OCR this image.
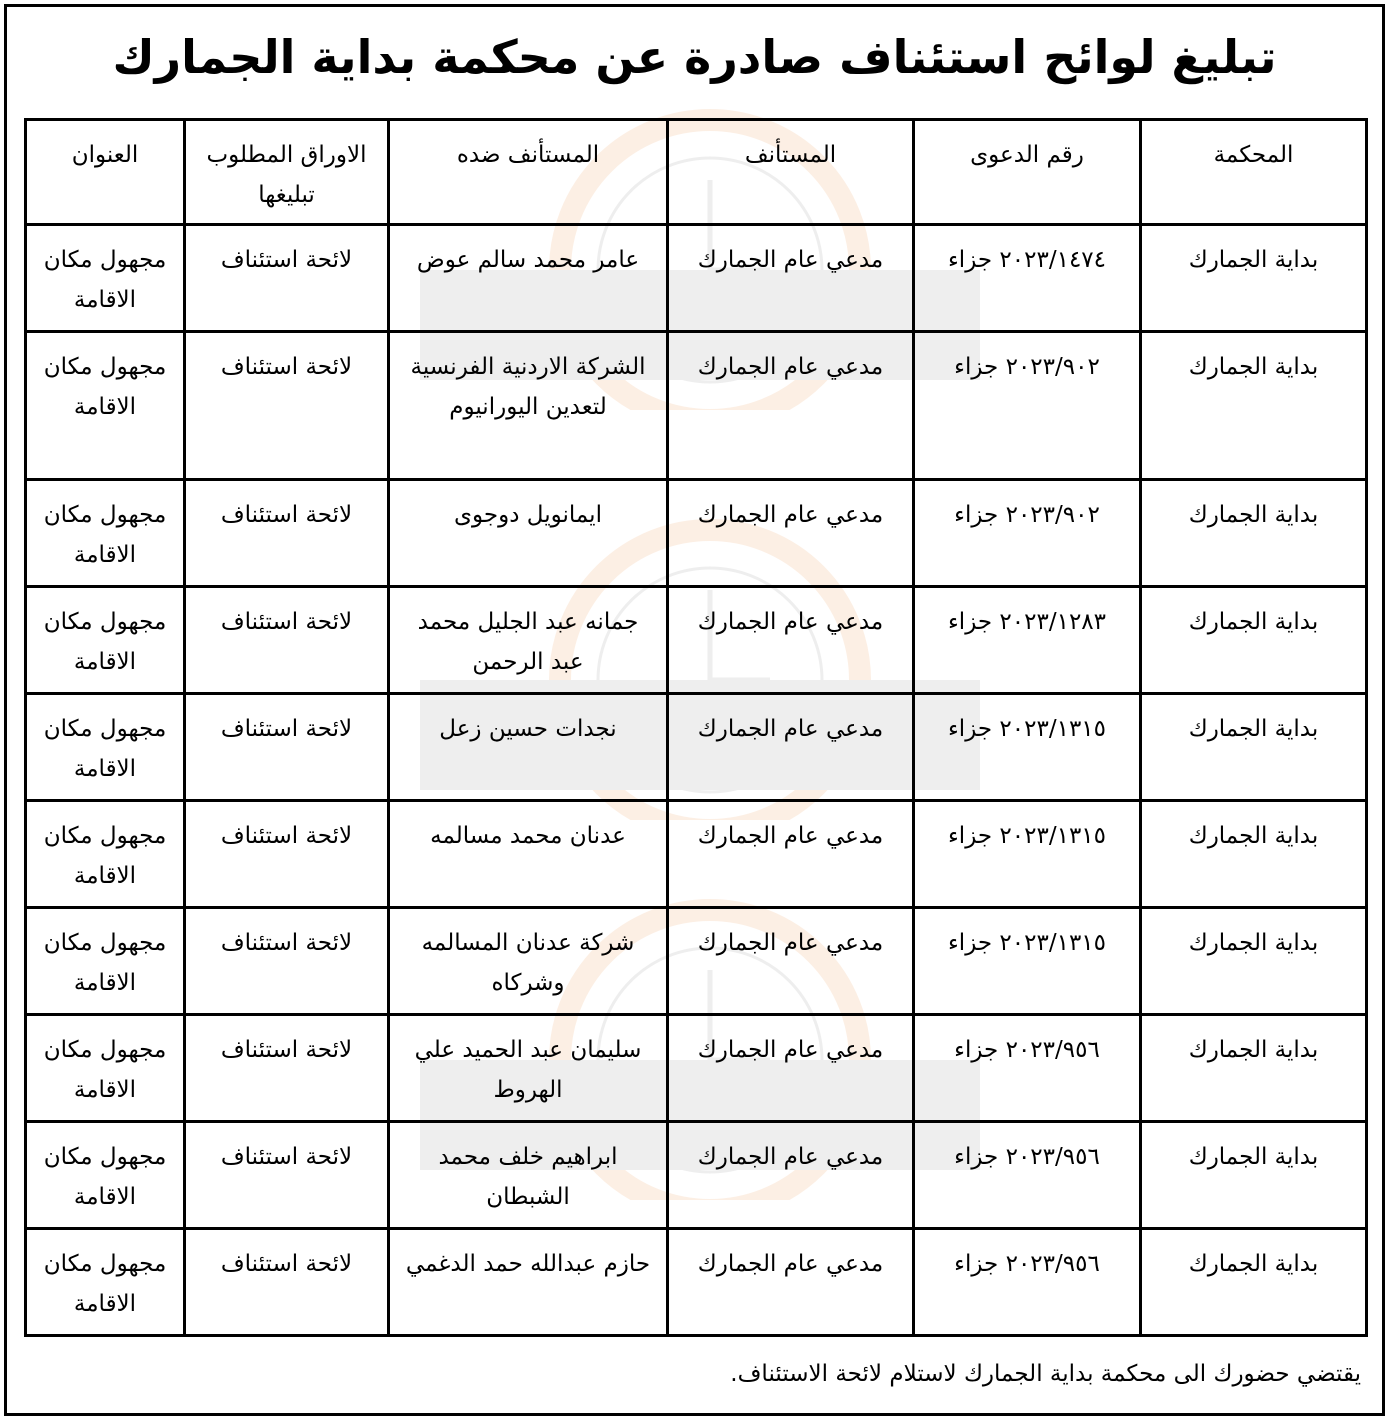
تبليغ لوائح استئناف صادرة عن محكمة بداية الجمارك
المحكمة	رقم الدعوى	المستأنف	المستأنف ضده	الاوراق المطلوب تبليغها	العنوان
بداية الجمارك	٢٠٢٣/١٤٧٤ جزاء	مدعي عام الجمارك	عامر محمد سالم عوض	لائحة استئناف	مجهول مكان الاقامة
بداية الجمارك	٢٠٢٣/٩٠٢ جزاء	مدعي عام الجمارك	الشركة الاردنية الفرنسية لتعدين اليورانيوم	لائحة استئناف	مجهول مكان الاقامة
بداية الجمارك	٢٠٢٣/٩٠٢ جزاء	مدعي عام الجمارك	ايمانويل دوجوى	لائحة استئناف	مجهول مكان الاقامة
بداية الجمارك	٢٠٢٣/١٢٨٣ جزاء	مدعي عام الجمارك	جمانه عبد الجليل محمد عبد الرحمن	لائحة استئناف	مجهول مكان الاقامة
بداية الجمارك	٢٠٢٣/١٣١٥ جزاء	مدعي عام الجمارك	نجدات حسين زعل	لائحة استئناف	مجهول مكان الاقامة
بداية الجمارك	٢٠٢٣/١٣١٥ جزاء	مدعي عام الجمارك	عدنان محمد مسالمه	لائحة استئناف	مجهول مكان الاقامة
بداية الجمارك	٢٠٢٣/١٣١٥ جزاء	مدعي عام الجمارك	شركة عدنان المسالمه وشركاه	لائحة استئناف	مجهول مكان الاقامة
بداية الجمارك	٢٠٢٣/٩٥٦ جزاء	مدعي عام الجمارك	سليمان عبد الحميد علي الهروط	لائحة استئناف	مجهول مكان الاقامة
بداية الجمارك	٢٠٢٣/٩٥٦ جزاء	مدعي عام الجمارك	ابراهيم خلف محمد الشبطان	لائحة استئناف	مجهول مكان الاقامة
بداية الجمارك	٢٠٢٣/٩٥٦ جزاء	مدعي عام الجمارك	حازم عبدالله حمد الدغمي	لائحة استئناف	مجهول مكان الاقامة

يقتضي حضورك الى محكمة بداية الجمارك لاستلام لائحة الاستئناف.
